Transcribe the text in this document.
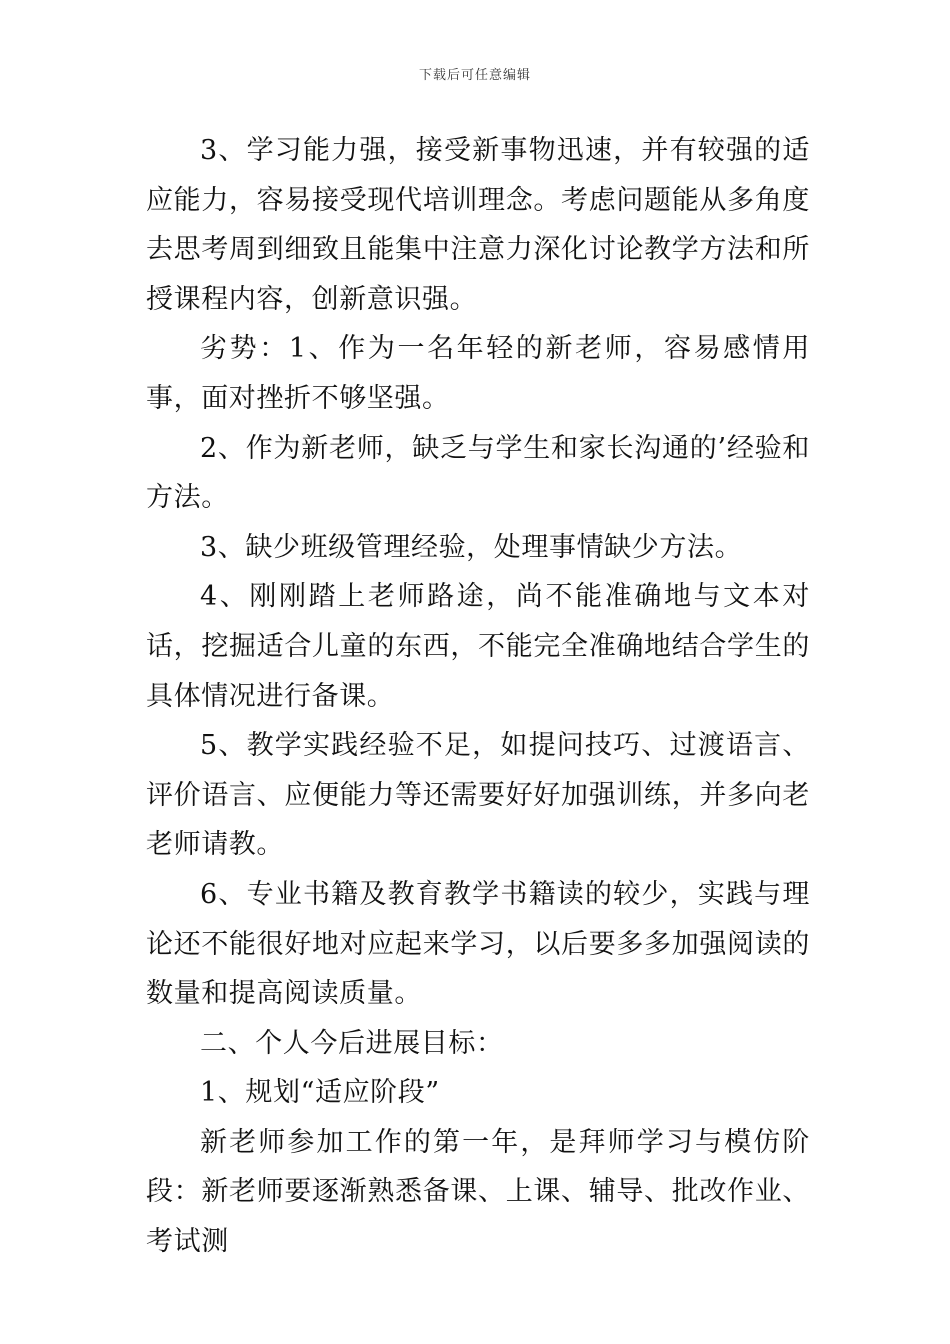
下载后可任意编辑

3、学习能力强，接受新事物迅速，并有较强的适应能力，容易接受现代培训理念。考虑问题能从多角度去思考周到细致且能集中注意力深化讨论教学方法和所授课程内容，创新意识强。

劣势：1、作为一名年轻的新老师，容易感情用事，面对挫折不够坚强。

2、作为新老师，缺乏与学生和家长沟通的’经验和方法。

3、缺少班级管理经验，处理事情缺少方法。

4、刚刚踏上老师路途，尚不能准确地与文本对话，挖掘适合儿童的东西，不能完全准确地结合学生的具体情况进行备课。

5、教学实践经验不足，如提问技巧、过渡语言、评价语言、应便能力等还需要好好加强训练，并多向老老师请教。

6、专业书籍及教育教学书籍读的较少，实践与理论还不能很好地对应起来学习，以后要多多加强阅读的数量和提高阅读质量。

二、个人今后进展目标：

1、规划“适应阶段”

新老师参加工作的第一年，是拜师学习与模仿阶段：新老师要逐渐熟悉备课、上课、辅导、批改作业、考试测
